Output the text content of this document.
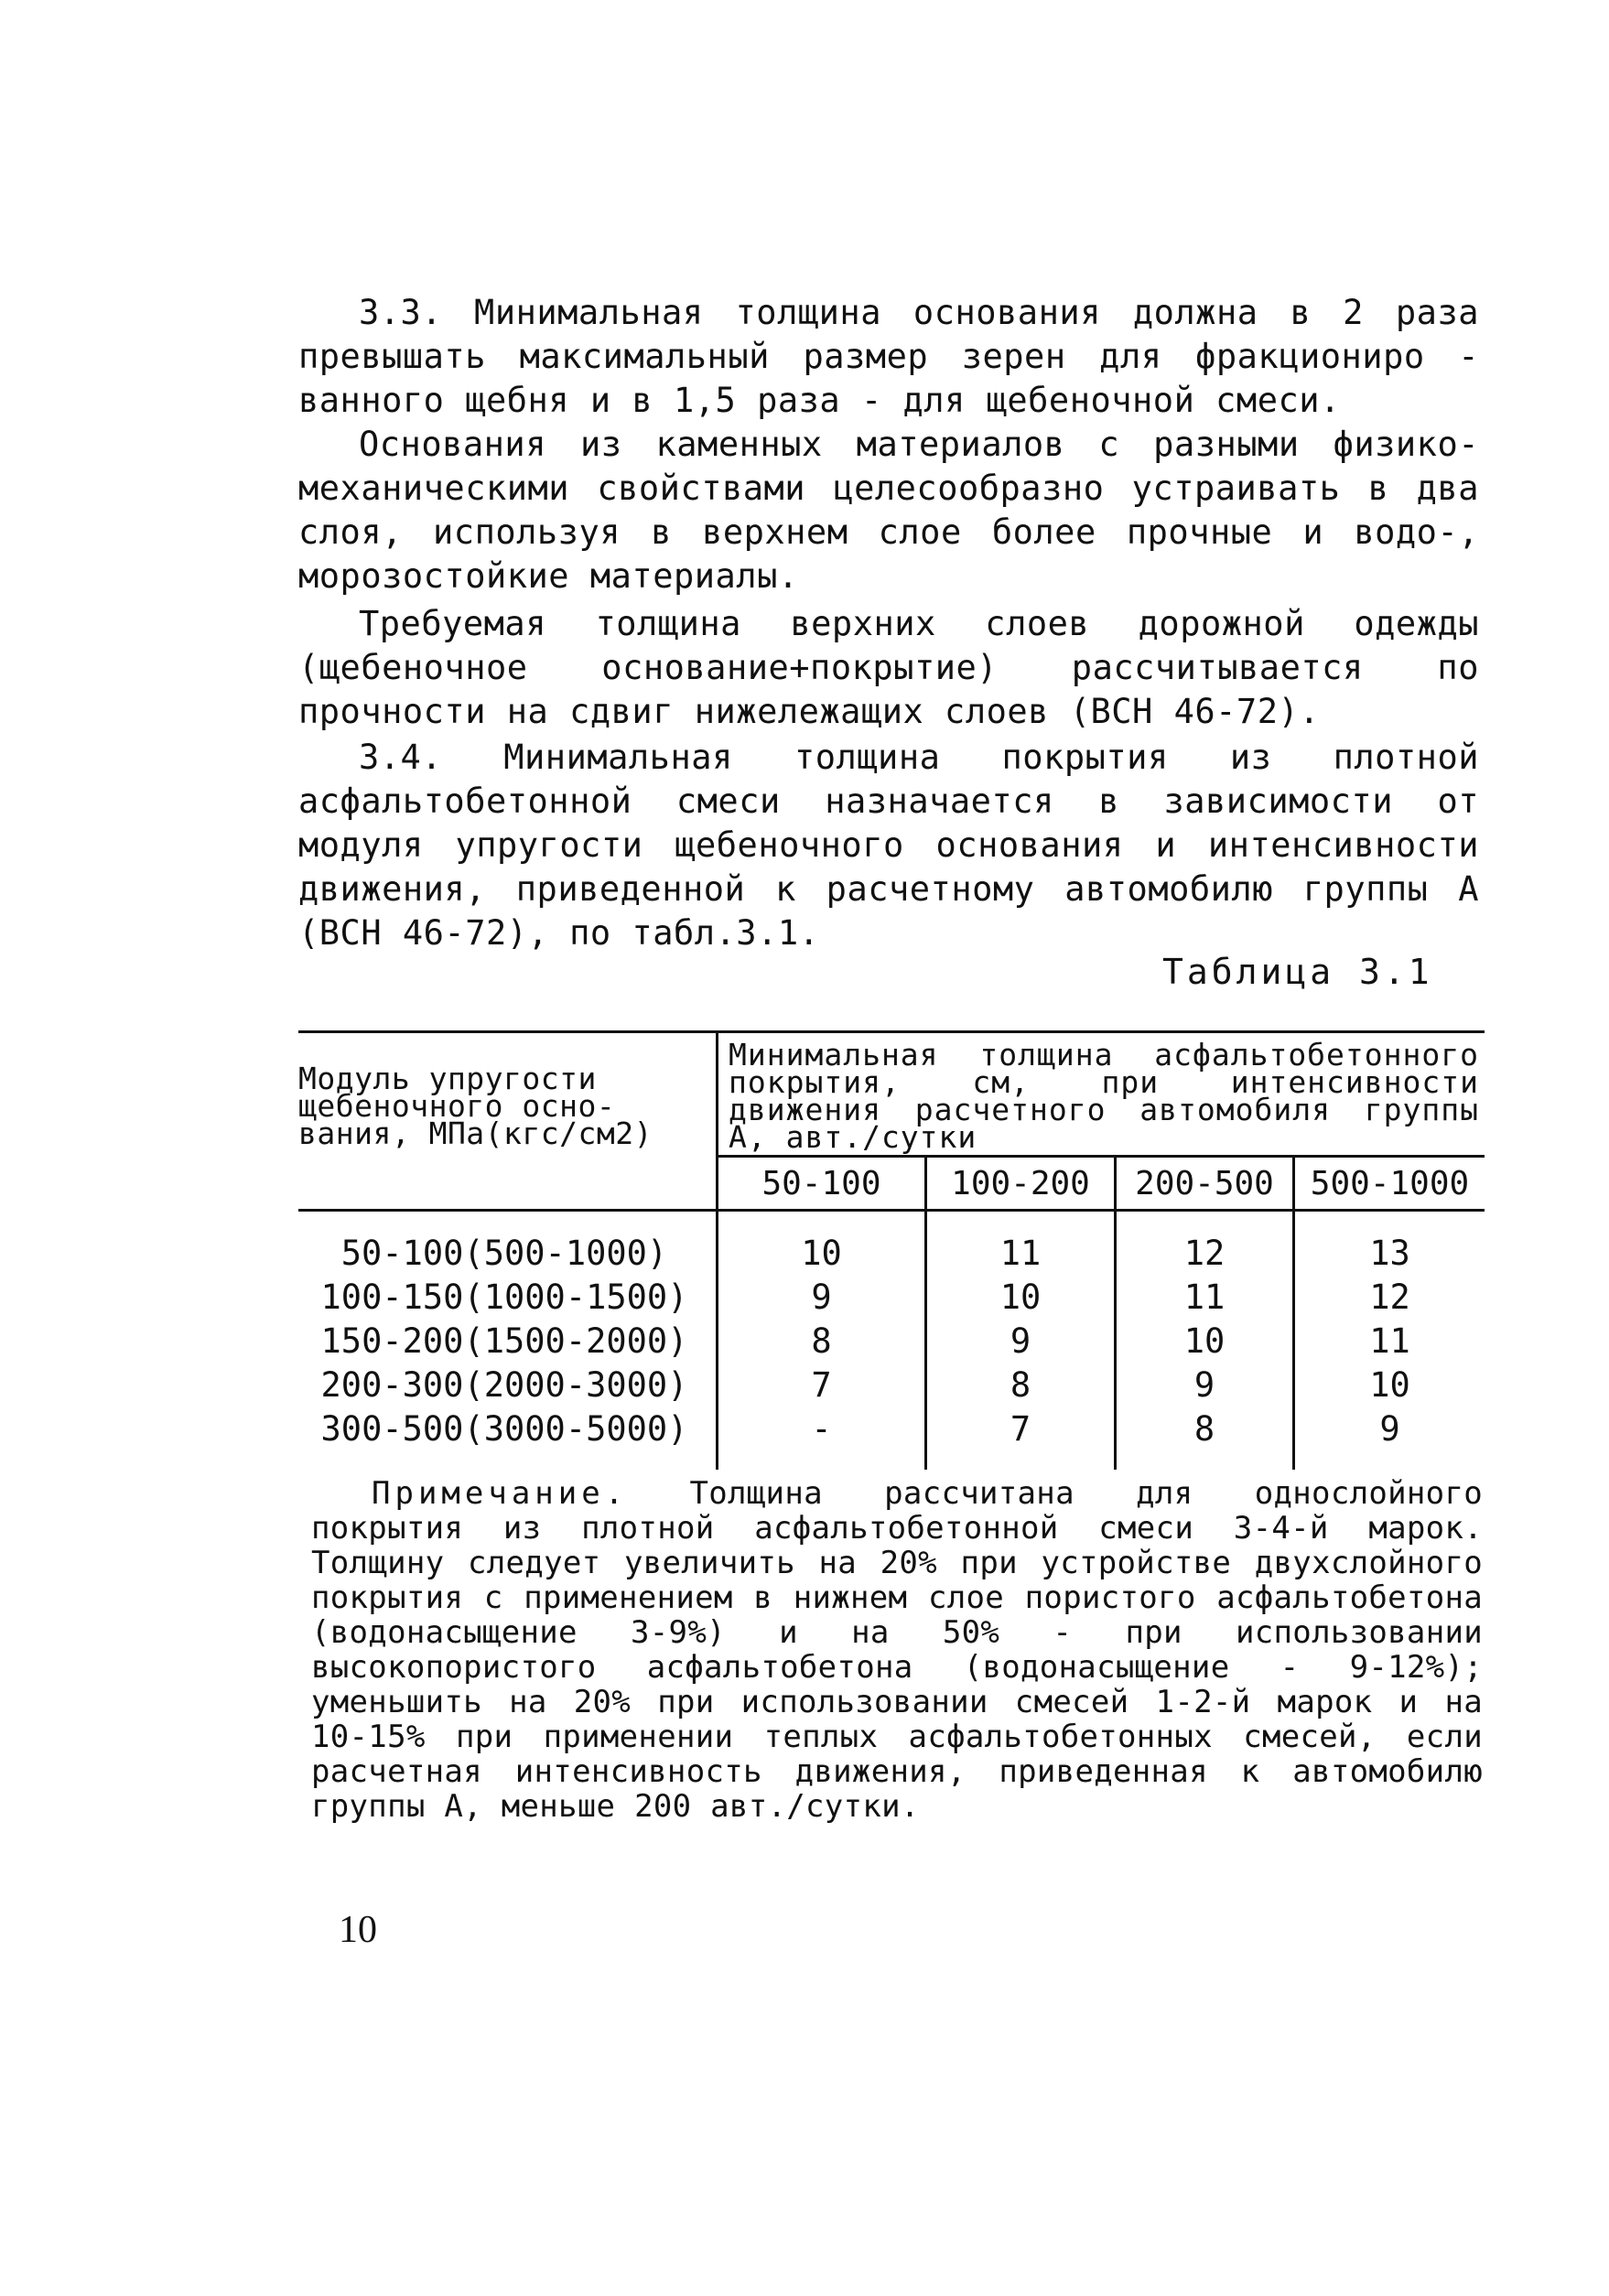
3.3. Минимальная толщина основания должна в 2 раза превышать максимальный размер зерен для фракциониро - ванного щебня и в 1,5 раза - для щебеночной смеси.

Основания из каменных материалов с разными физико-механическими свойствами целесообразно устраивать в два слоя, используя в верхнем слое более прочные и водо-, морозостойкие материалы.

Требуемая толщина верхних слоев дорожной одежды (щебеночное основание+покрытие) рассчитывается по прочности на сдвиг нижележащих слоев (ВСН 46-72).

3.4. Минимальная толщина покрытия из плотной асфальтобетонной смеси назначается в зависимости от модуля упругости щебеночного основания и интенсивности движения, приведенной к расчетному автомобилю группы А (ВСН 46-72), по табл.3.1.

Таблица 3.1
Модуль упругости щебеночного осно-вания, МПа(кгс/см2)
Минимальная толщина асфальтобетонного покрытия, см, при интенсивности движения расчетного автомобиля группы А, авт./сутки
50-100	100-200	200-500	500-1000
50-100(500-1000)	10	11	12	13
100-150(1000-1500)	9	10	11	12
150-200(1500-2000)	8	9	10	11
200-300(2000-3000)	7	8	9	10
300-500(3000-5000)	-	7	8	9

Примечание. Толщина рассчитана для однослойного покрытия из плотной асфальтобетонной смеси 3-4-й марок. Толщину следует увеличить на 20% при устройстве двухслойного покрытия с применением в нижнем слое пористого асфальтобетона (водонасыщение 3-9%) и на 50% - при использовании высокопористого асфальтобетона (водонасыщение - 9-12%); уменьшить на 20% при использовании смесей 1-2-й марок и на 10-15% при применении теплых асфальтобетонных смесей, если расчетная интенсивность движения, приведенная к автомобилю группы А, меньше 200 авт./сутки.

10
